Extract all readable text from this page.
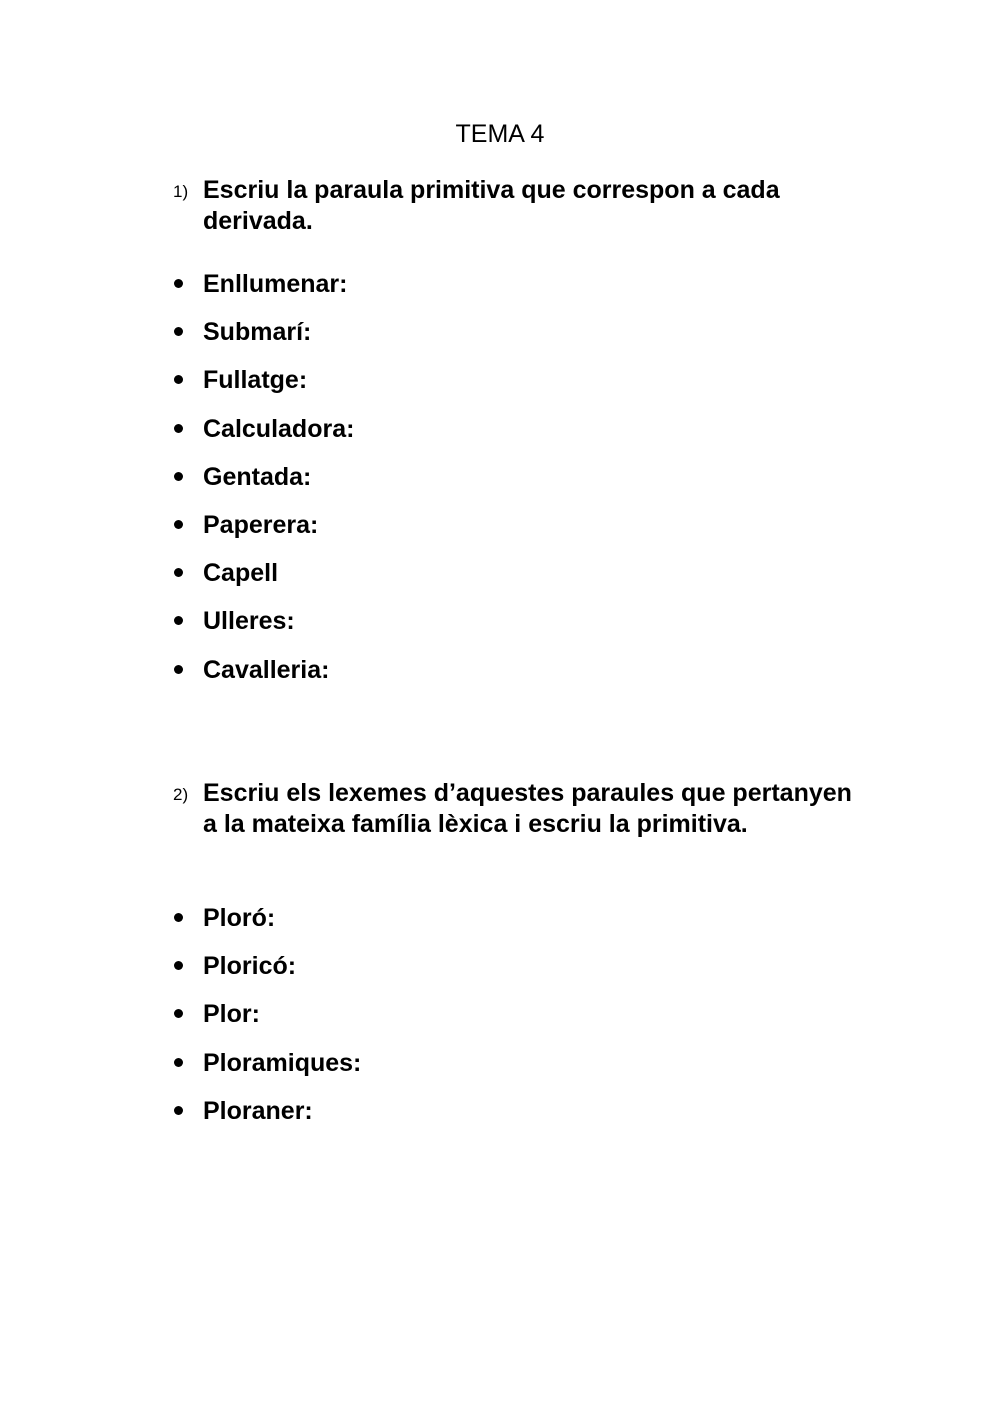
TEMA 4
1) Escriu la paraula primitiva que correspon a cada derivada.
Enllumenar:
Submarí:
Fullatge:
Calculadora:
Gentada:
Paperera:
Capell
Ulleres:
Cavalleria:
2) Escriu els lexemes d’aquestes paraules que pertanyen a la mateixa família lèxica i escriu la primitiva.
Ploró:
Ploricó:
Plor:
Ploramiques:
Ploraner:
